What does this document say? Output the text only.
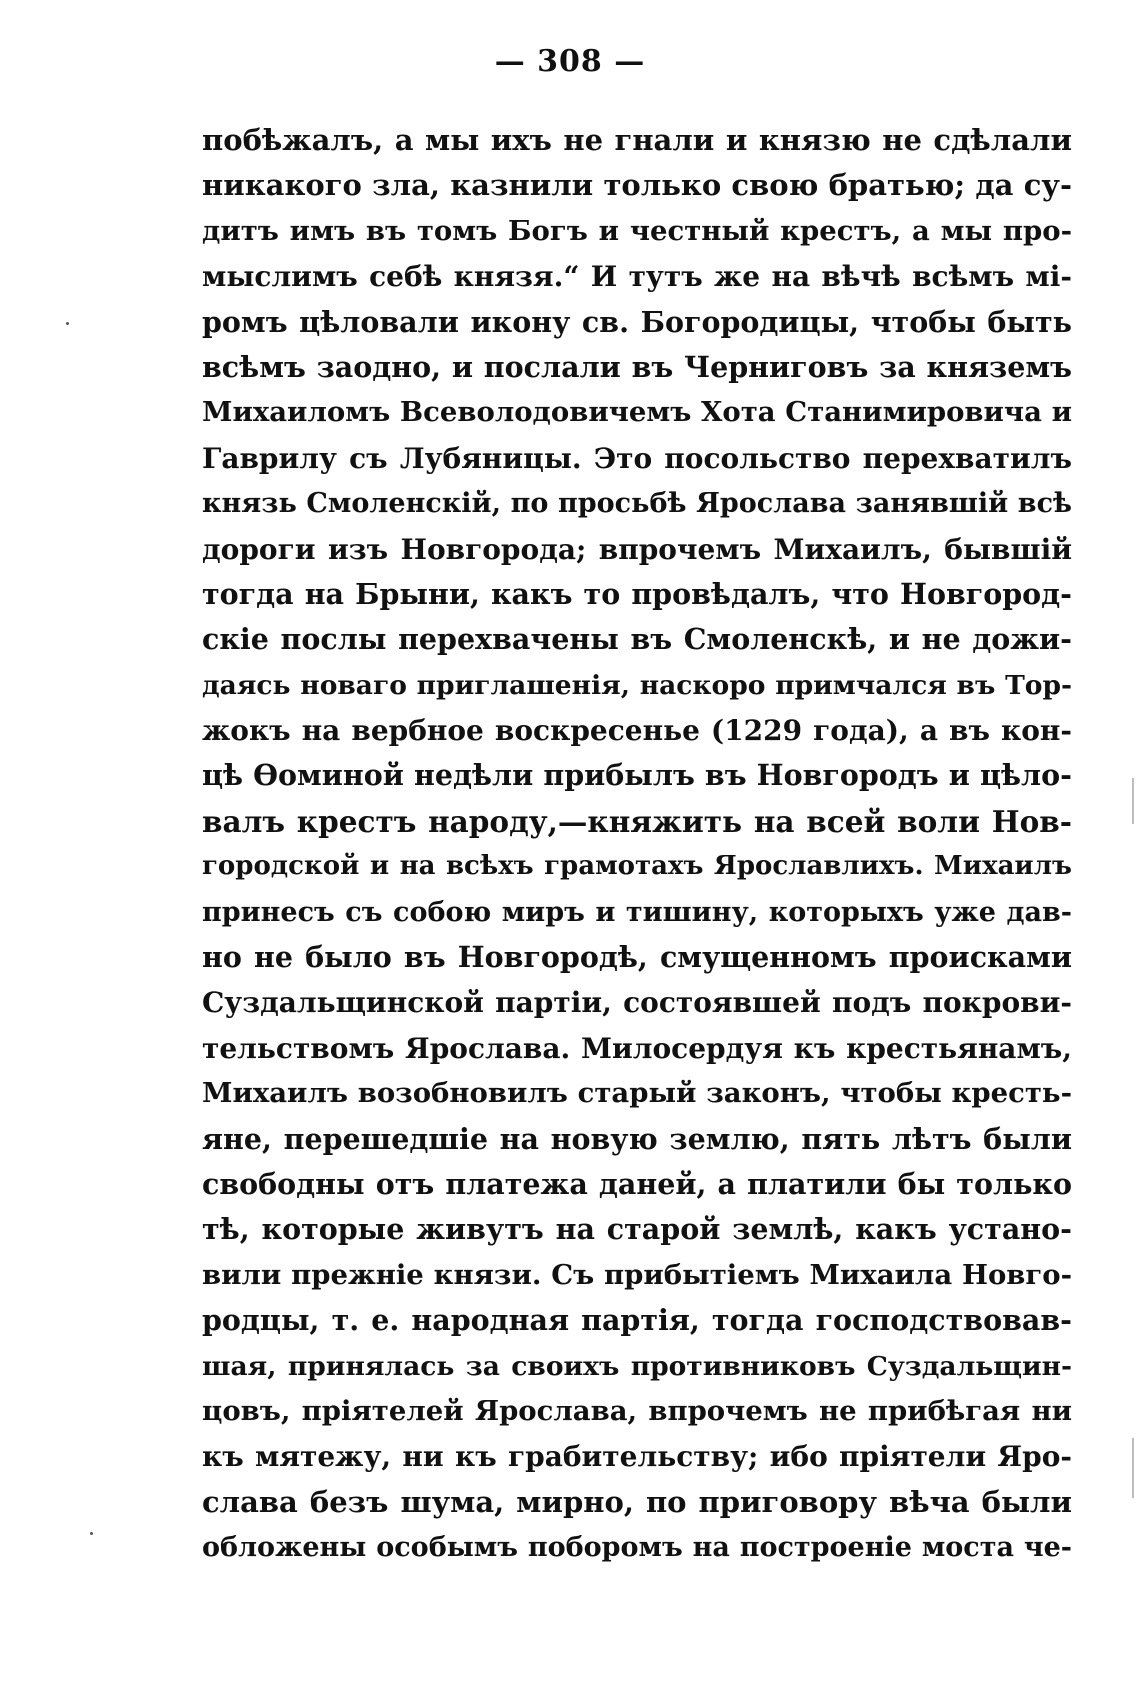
— 308 —
побѣжалъ, а мы ихъ не гнали и князю не сдѣлали
никакого зла, казнили только свою братью; да су-
дитъ имъ въ томъ Богъ и честный крестъ, а мы про-
мыслимъ себѣ князя.“ И тутъ же на вѣчѣ всѣмъ мі-
ромъ цѣловали икону св. Богородицы, чтобы быть
всѣмъ заодно, и послали въ Черниговъ за княземъ
Михаиломъ Всеволодовичемъ Хота Станимировича и
Гаврилу съ Лубяницы. Это посольство перехватилъ
князь Смоленскій, по просьбѣ Ярослава занявшій всѣ
дороги изъ Новгорода; впрочемъ Михаилъ, бывшій
тогда на Брыни, какъ то провѣдалъ, что Новгород-
скіе послы перехвачены въ Смоленскѣ, и не дожи-
даясь новаго приглашенія, наскоро примчался въ Тор-
жокъ на вербное воскресенье (1229 года), а въ кон-
цѣ Ѳоминой недѣли прибылъ въ Новгородъ и цѣло-
валъ крестъ народу,—княжить на всей воли Нов-
городской и на всѣхъ грамотахъ Ярославлихъ. Михаилъ
принесъ съ собою миръ и тишину, которыхъ уже дав-
но не было въ Новгородѣ, смущенномъ происками
Суздальщинской партіи, состоявшей подъ покрови-
тельствомъ Ярослава. Милосердуя къ крестьянамъ,
Михаилъ возобновилъ старый законъ, чтобы кресть-
яне, перешедшіе на новую землю, пять лѣтъ были
свободны отъ платежа даней, а платили бы только
тѣ, которые живутъ на старой землѣ, какъ устано-
вили прежніе князи. Съ прибытіемъ Михаила Новго-
родцы, т. е. народная партія, тогда господствовав-
шая, принялась за своихъ противниковъ Суздальщин-
цовъ, пріятелей Ярослава, впрочемъ не прибѣгая ни
къ мятежу, ни къ грабительству; ибо пріятели Яро-
слава безъ шума, мирно, по приговору вѣча были
обложены особымъ поборомъ на построеніе моста че-
